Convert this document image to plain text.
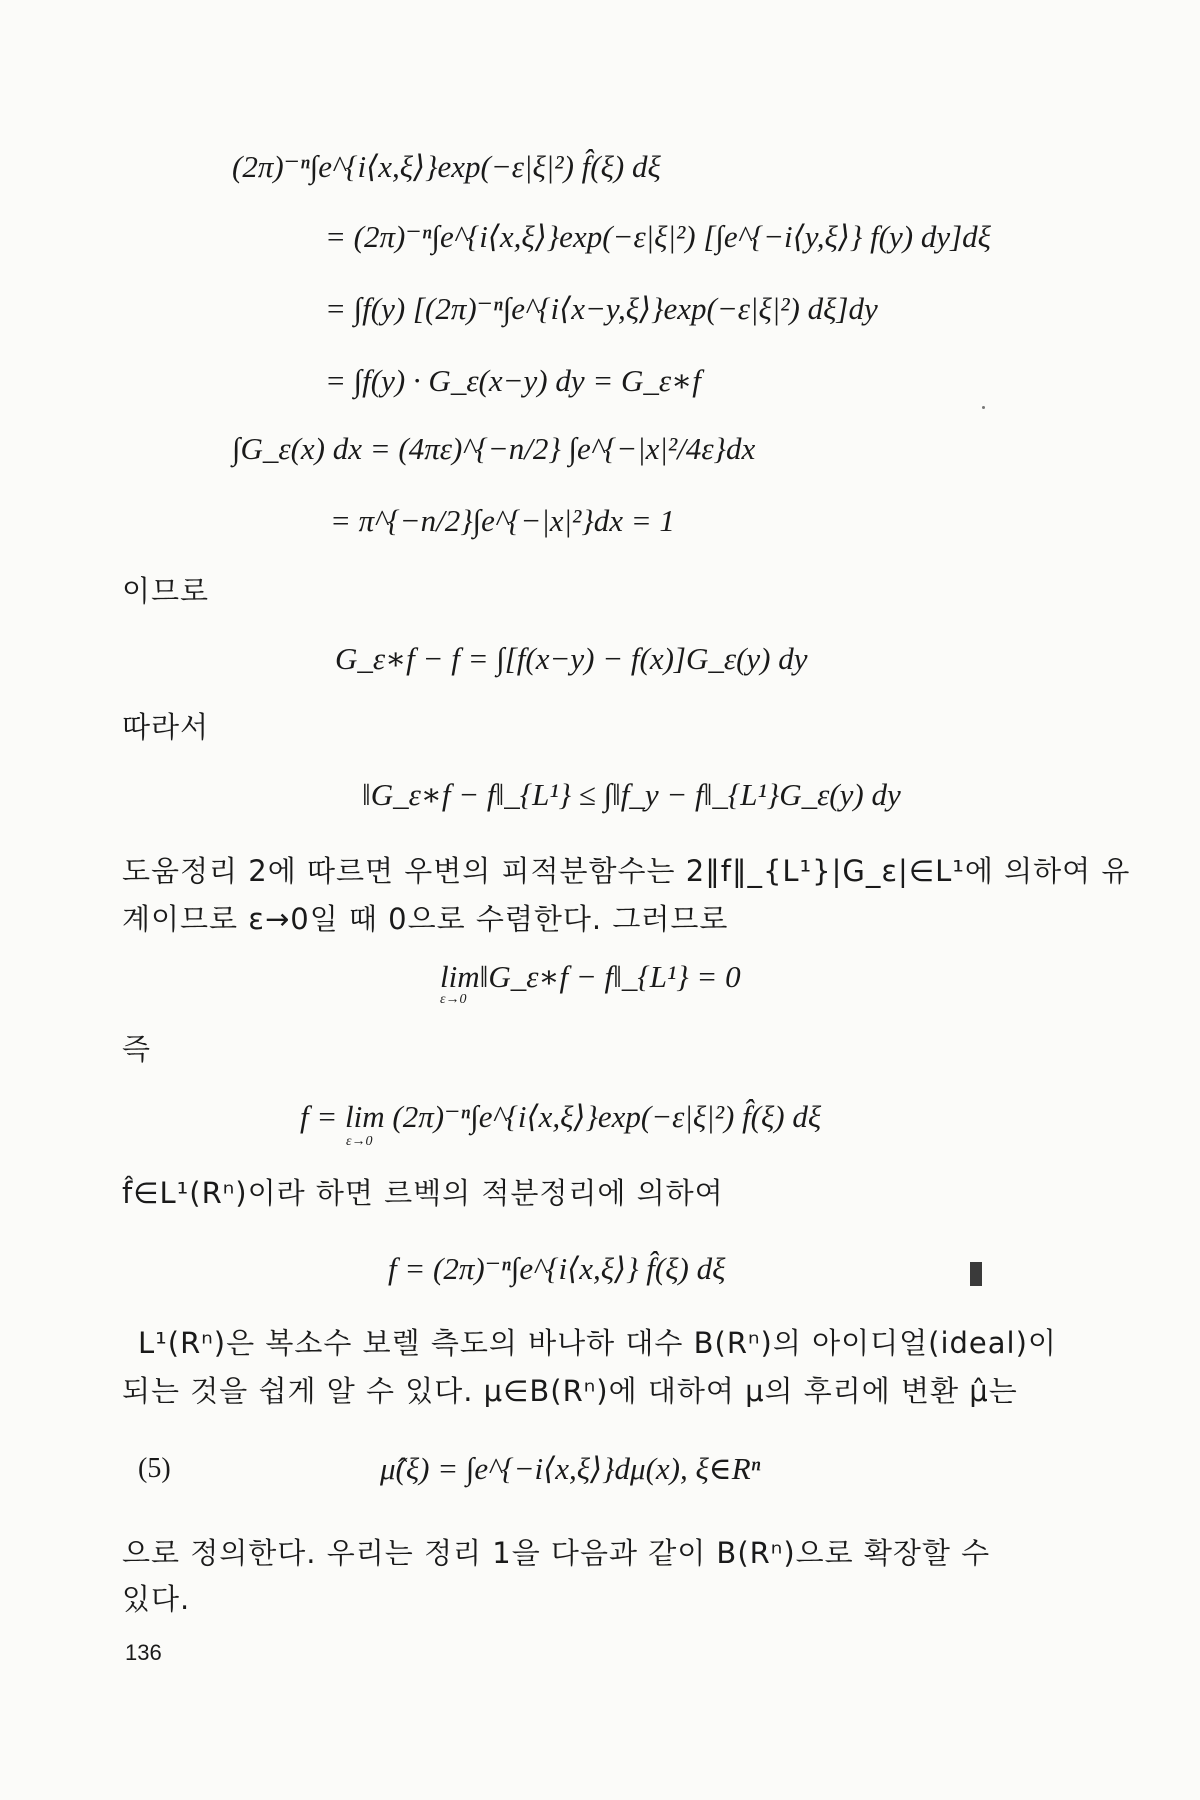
(2π)⁻ⁿ∫e^{i⟨x,ξ⟩}exp(−ε|ξ|²) f̂(ξ) dξ
= (2π)⁻ⁿ∫e^{i⟨x,ξ⟩}exp(−ε|ξ|²) [∫e^{−i⟨y,ξ⟩} f(y) dy]dξ
= ∫f(y) [(2π)⁻ⁿ∫e^{i⟨x−y,ξ⟩}exp(−ε|ξ|²) dξ]dy
= ∫f(y) · G_ε(x−y) dy = G_ε∗f
∫G_ε(x) dx = (4πε)^{−n/2} ∫e^{−|x|²/4ε}dx
= π^{−n/2}∫e^{−|x|²}dx = 1
이므로
G_ε∗f − f = ∫[f(x−y) − f(x)]G_ε(y) dy
따라서
‖G_ε∗f − f‖_{L¹} ≤ ∫‖f_y − f‖_{L¹}G_ε(y) dy
도움정리 2에 따르면 우변의 피적분함수는 2‖f‖_{L¹}|G_ε|∈L¹에 의하여 유
계이므로 ε→0일 때 0으로 수렴한다. 그러므로
lim‖G_ε∗f − f‖_{L¹} = 0
ε→0
즉
f = lim (2π)⁻ⁿ∫e^{i⟨x,ξ⟩}exp(−ε|ξ|²) f̂(ξ) dξ
ε→0
f̂∈L¹(Rⁿ)이라 하면 르벡의 적분정리에 의하여
f = (2π)⁻ⁿ∫e^{i⟨x,ξ⟩} f̂(ξ) dξ
L¹(Rⁿ)은 복소수 보렐 측도의 바나하 대수 B(Rⁿ)의 아이디얼(ideal)이
되는 것을 쉽게 알 수 있다. μ∈B(Rⁿ)에 대하여 μ의 후리에 변환 μ̂는
(5)	μ̂(ξ) = ∫e^{−i⟨x,ξ⟩}dμ(x), ξ∈Rⁿ
으로 정의한다. 우리는 정리 1을 다음과 같이 B(Rⁿ)으로 확장할 수
있다.
136
